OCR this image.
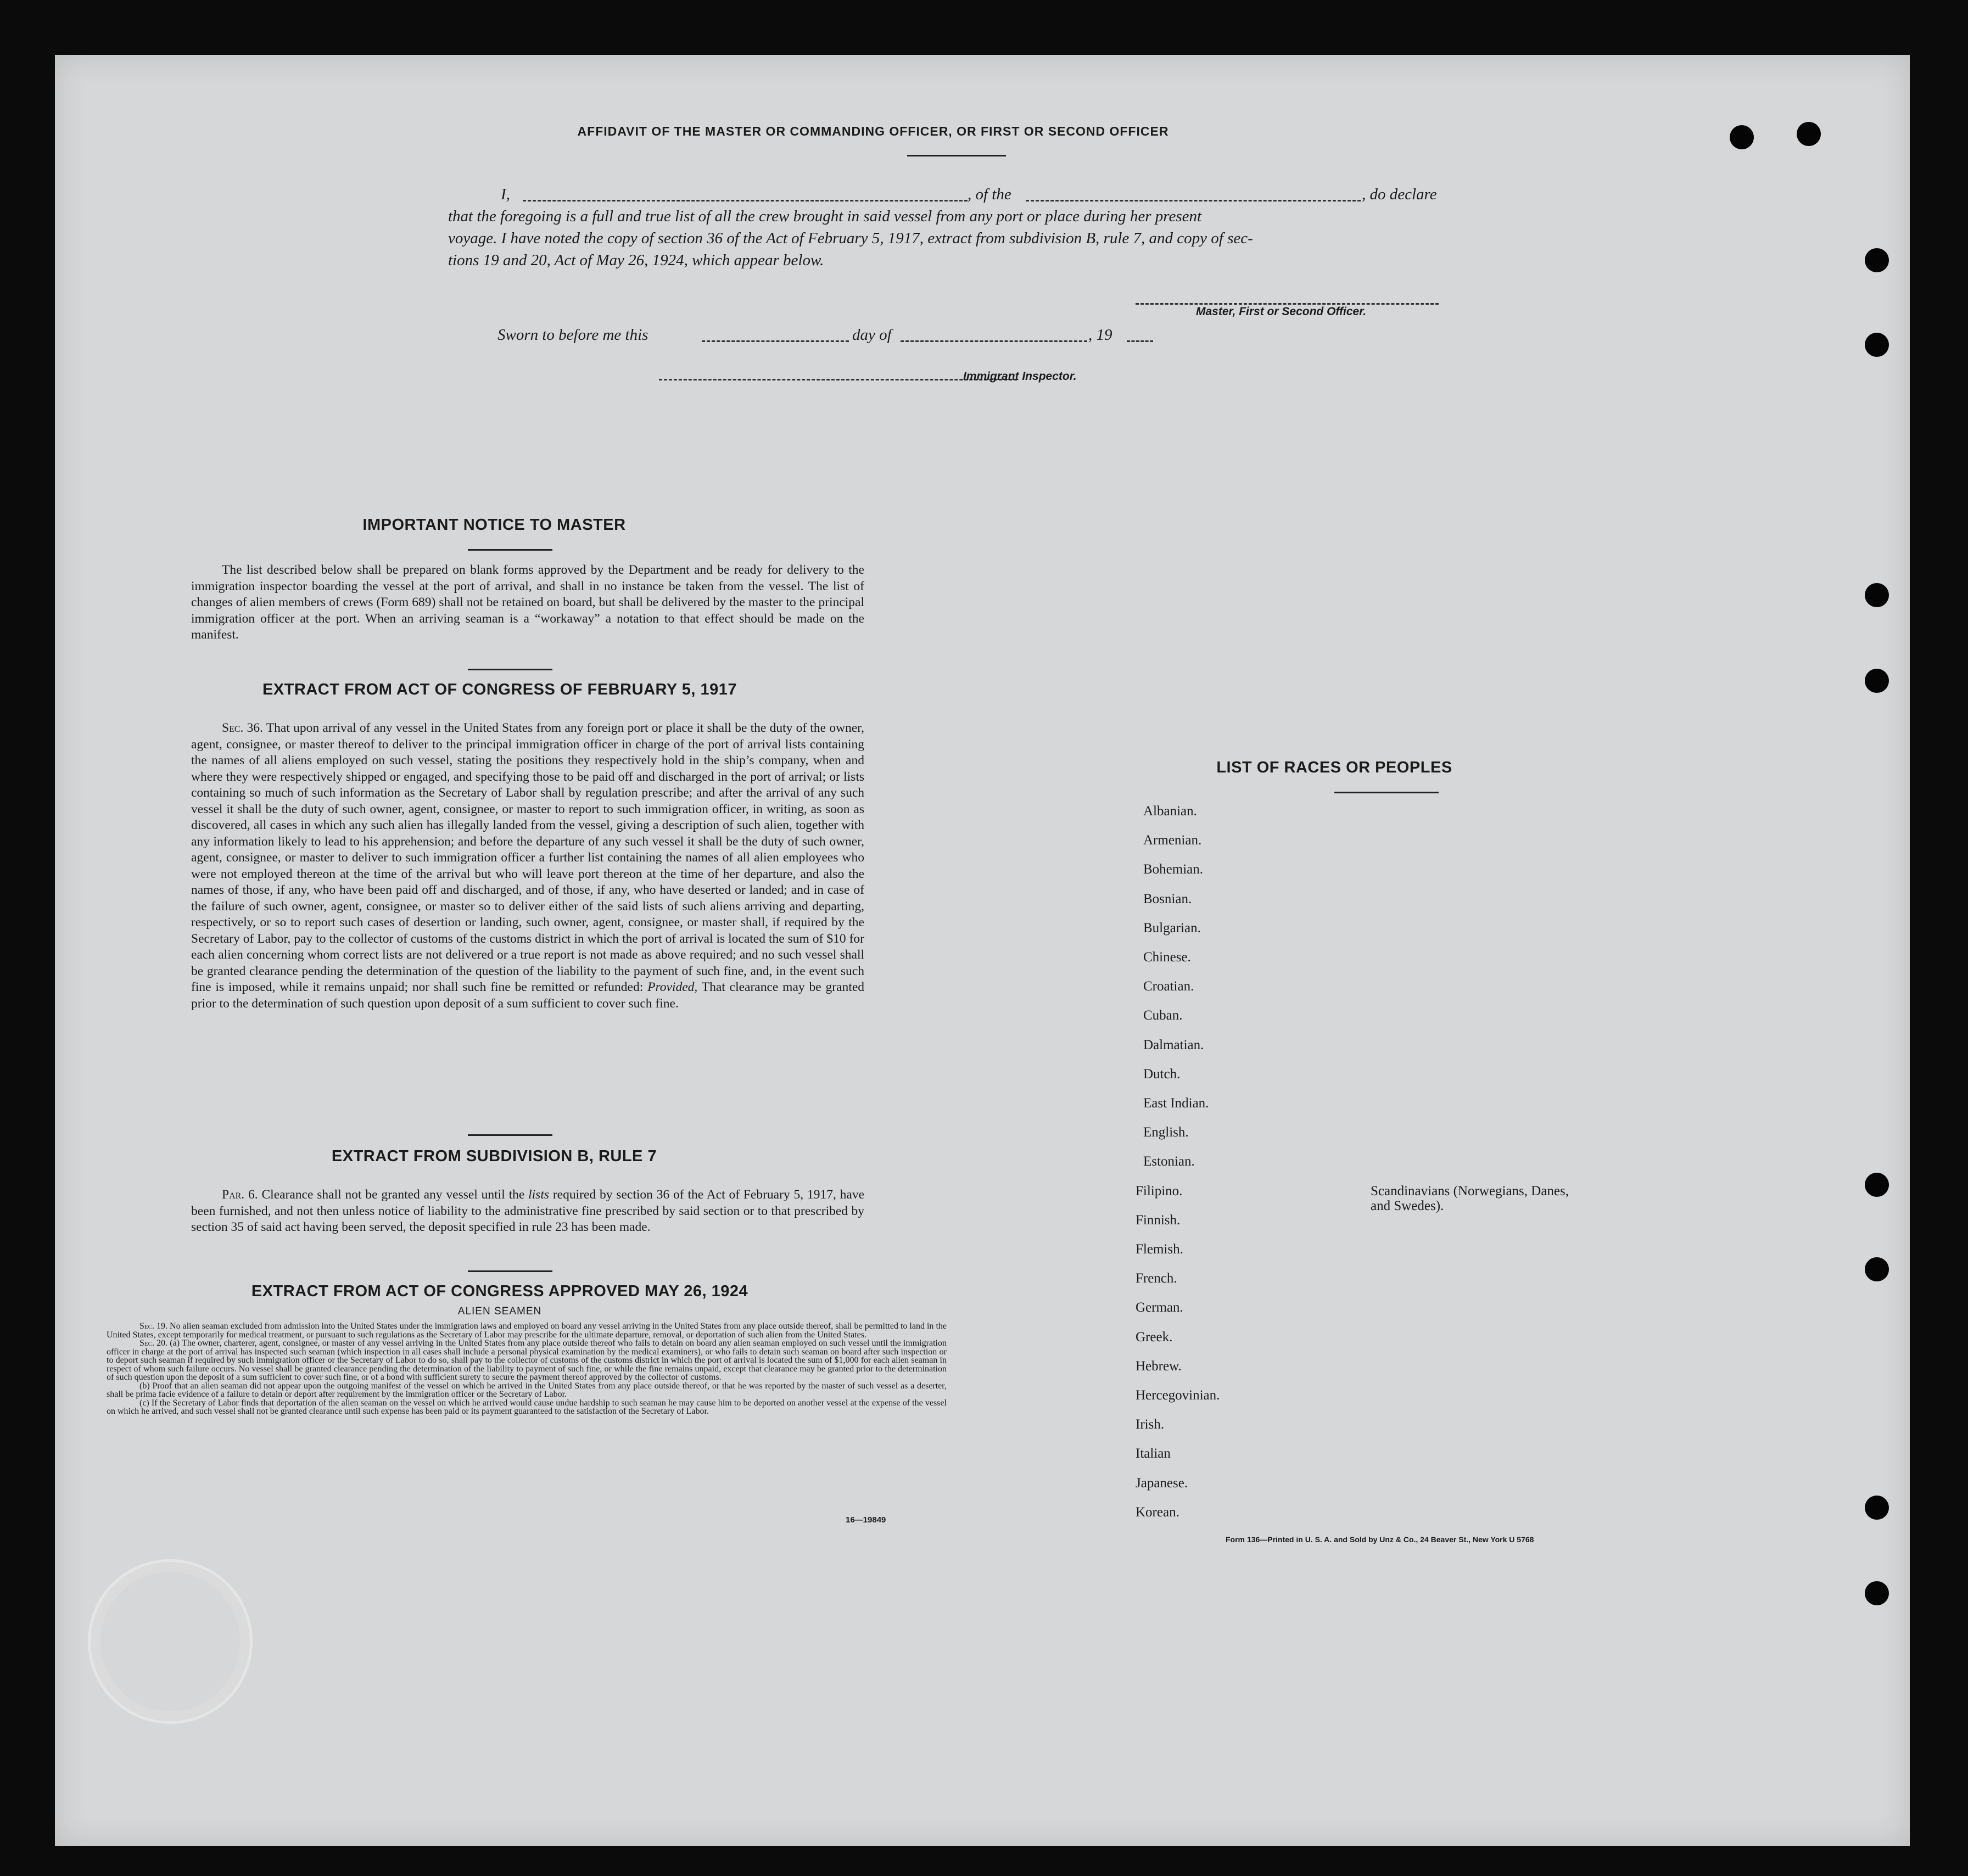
AFFIDAVIT OF THE MASTER OR COMMANDING OFFICER, OR FIRST OR SECOND OFFICER
I,	, of the	, do declare
that the foregoing is a full and true list of all the crew brought in said vessel from any port or place during her present
voyage. I have noted the copy of section 36 of the Act of February 5, 1917, extract from subdivision B, rule 7, and copy of sec-
tions 19 and 20, Act of May 26, 1924, which appear below.
Master, First or Second Officer.
Sworn to before me this	day of	, 19
Immigrant Inspector.
IMPORTANT NOTICE TO MASTER

The list described below shall be prepared on blank forms approved by the Department and be ready for delivery to the immigration inspector boarding the vessel at the port of arrival, and shall in no instance be taken from the vessel. The list of changes of alien members of crews (Form 689) shall not be retained on board, but shall be delivered by the master to the principal immigration officer at the port. When an arriving seaman is a “workaway” a notation to that effect should be made on the manifest.

EXTRACT FROM ACT OF CONGRESS OF FEBRUARY 5, 1917

Sec. 36. That upon arrival of any vessel in the United States from any foreign port or place it shall be the duty of the owner, agent, consignee, or master thereof to deliver to the principal immigration officer in charge of the port of arrival lists containing the names of all aliens employed on such vessel, stating the positions they respectively hold in the ship’s company, when and where they were respectively shipped or engaged, and specifying those to be paid off and discharged in the port of arrival; or lists containing so much of such information as the Secretary of Labor shall by regulation prescribe; and after the arrival of any such vessel it shall be the duty of such owner, agent, consignee, or master to report to such immigration officer, in writing, as soon as discovered, all cases in which any such alien has illegally landed from the vessel, giving a description of such alien, together with any information likely to lead to his apprehension; and before the departure of any such vessel it shall be the duty of such owner, agent, consignee, or master to deliver to such immigration officer a further list containing the names of all alien employees who were not employed thereon at the time of the arrival but who will leave port thereon at the time of her departure, and also the names of those, if any, who have been paid off and discharged, and of those, if any, who have deserted or landed; and in case of the failure of such owner, agent, consignee, or master so to deliver either of the said lists of such aliens arriving and departing, respectively, or so to report such cases of desertion or landing, such owner, agent, consignee, or master shall, if required by the Secretary of Labor, pay to the collector of customs of the customs district in which the port of arrival is located the sum of $10 for each alien concerning whom correct lists are not delivered or a true report is not made as above required; and no such vessel shall be granted clearance pending the determination of the question of the liability to the payment of such fine, and, in the event such fine is imposed, while it remains unpaid; nor shall such fine be remitted or refunded: Provided, That clearance may be granted prior to the determination of such question upon deposit of a sum sufficient to cover such fine.

EXTRACT FROM SUBDIVISION B, RULE 7

Par. 6. Clearance shall not be granted any vessel until the lists required by section 36 of the Act of February 5, 1917, have been furnished, and not then unless notice of liability to the administrative fine prescribed by said section or to that prescribed by section 35 of said act having been served, the deposit specified in rule 23 has been made.

EXTRACT FROM ACT OF CONGRESS APPROVED MAY 26, 1924
ALIEN SEAMEN

Sec. 19. No alien seaman excluded from admission into the United States under the immigration laws and employed on board any vessel arriving in the United States from any place outside thereof, shall be permitted to land in the United States, except temporarily for medical treatment, or pursuant to such regulations as the Secretary of Labor may prescribe for the ultimate departure, removal, or deportation of such alien from the United States.

Sec. 20. (a) The owner, charterer, agent, consignee, or master of any vessel arriving in the United States from any place outside thereof who fails to detain on board any alien seaman employed on such vessel until the immigration officer in charge at the port of arrival has inspected such seaman (which inspection in all cases shall include a personal physical examination by the medical examiners), or who fails to detain such seaman on board after such inspection or to deport such seaman if required by such immigration officer or the Secretary of Labor to do so, shall pay to the collector of customs of the customs district in which the port of arrival is located the sum of $1,000 for each alien seaman in respect of whom such failure occurs. No vessel shall be granted clearance pending the determination of the liability to payment of such fine, or while the fine remains unpaid, except that clearance may be granted prior to the determination of such question upon the deposit of a sum sufficient to cover such fine, or of a bond with sufficient surety to secure the payment thereof approved by the collector of customs.

(b) Proof that an alien seaman did not appear upon the outgoing manifest of the vessel on which he arrived in the United States from any place outside thereof, or that he was reported by the master of such vessel as a deserter, shall be prima facie evidence of a failure to detain or deport after requirement by the immigration officer or the Secretary of Labor.

(c) If the Secretary of Labor finds that deportation of the alien seaman on the vessel on which he arrived would cause undue hardship to such seaman he may cause him to be deported on another vessel at the expense of the vessel on which he arrived, and such vessel shall not be granted clearance until such expense has been paid or its payment guaranteed to the satisfaction of the Secretary of Labor.

16—19849
LIST OF RACES OR PEOPLES
Albanian.
Armenian.
Bohemian.
Bosnian.
Bulgarian.
Chinese.
Croatian.
Cuban.
Dalmatian.
Dutch.
East Indian.
English.
Estonian.
Filipino.
Finnish.
Flemish.
French.
German.
Greek.
Hebrew.
Hercegovinian.
Irish.
Italian
Japanese.
Korean.
Scandinavians (Norwegians, Danes, and Swedes).
Form 136—Printed in U. S. A. and Sold by Unz & Co., 24 Beaver St., New York U 5768
